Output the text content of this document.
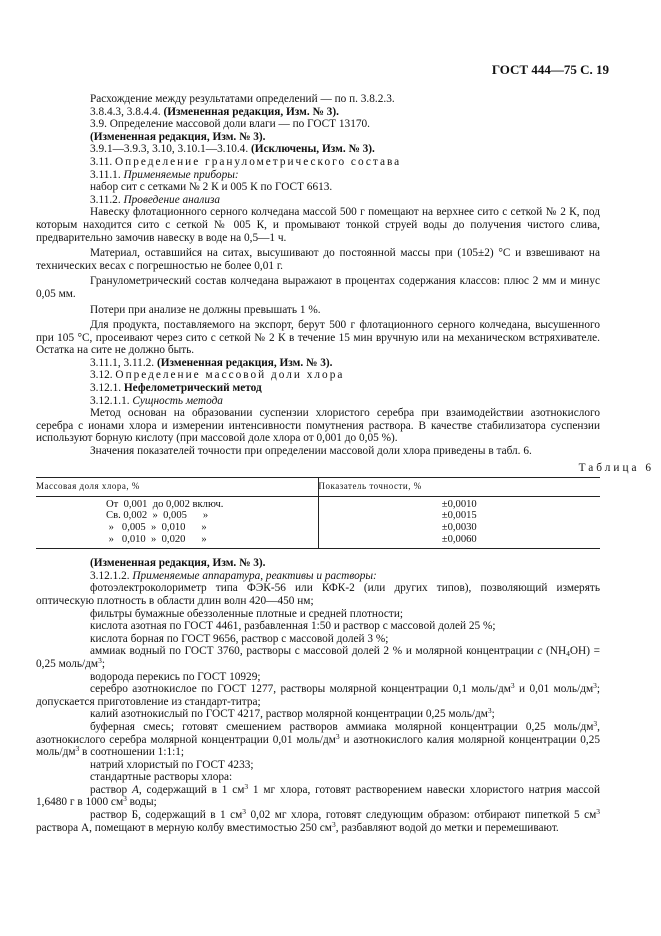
ГОСТ 444—75 С. 19
Расхождение между результатами определений — по п. 3.8.2.3.
3.8.4.3, 3.8.4.4. (Измененная редакция, Изм. № 3).
3.9. Определение массовой доли влаги — по ГОСТ 13170.
(Измененная редакция, Изм. № 3).
3.9.1—3.9.3, 3.10, 3.10.1—3.10.4. (Исключены, Изм. № 3).
3.11. Определение гранулометрического состава
3.11.1. Применяемые приборы:
набор сит с сетками № 2 К и 005 К по ГОСТ 6613.
3.11.2. Проведение анализа
Навеску флотационного серного колчедана массой 500 г помещают на верхнее сито с сеткой № 2 К, под которым находится сито с сеткой № 005 К, и промывают тонкой струей воды до получения чистого слива, предварительно замочив навеску в воде на 0,5—1 ч.
Материал, оставшийся на ситах, высушивают до постоянной массы при (105±2) °С и взвешивают на технических весах с погрешностью не более 0,01 г.
Гранулометрический состав колчедана выражают в процентах содержания классов: плюс 2 мм и минус 0,05 мм.
Потери при анализе не должны превышать 1 %.
Для продукта, поставляемого на экспорт, берут 500 г флотационного серного колчедана, высушенного при 105 °С, просеивают через сито с сеткой № 2 К в течение 15 мин вручную или на механическом встряхивателе. Остатка на сите не должно быть.
3.11.1, 3.11.2. (Измененная редакция, Изм. № 3).
3.12. Определение массовой доли хлора
3.12.1. Нефелометрический метод
3.12.1.1. Сущность метода
Метод основан на образовании суспензии хлористого серебра при взаимодействии азотнокислого серебра с ионами хлора и измерении интенсивности помутнения раствора. В качестве стабилизатора суспензии используют борную кислоту (при массовой доле хлора от 0,001 до 0,05 %).
Значения показателей точности при определении массовой доли хлора приведены в табл. 6.
Таблица 6
Массовая доля хлора, %	Показатель точности, %
От  0,001  до 0,002 включ.	±0,0010
Св. 0,002  »  0,005      »	±0,0015
»   0,005  »  0,010      »	±0,0030
»   0,010  »  0,020      »	±0,0060
(Измененная редакция, Изм. № 3).
3.12.1.2. Применяемые аппаратура, реактивы и растворы:
фотоэлектроколориметр типа ФЭК-56 или КФК-2 (или других типов), позволяющий измерять оптическую плотность в области длин волн 420—450 нм;
фильтры бумажные обеззоленные плотные и средней плотности;
кислота азотная по ГОСТ 4461, разбавленная 1:50 и раствор с массовой долей 25 %;
кислота борная по ГОСТ 9656, раствор с массовой долей 3 %;
аммиак водный по ГОСТ 3760, растворы с массовой долей 2 % и молярной концентрации c $(NH_4OH) = 0,25$ моль/$дм^3$;
водорода перекись по ГОСТ 10929;
серебро азотнокислое по ГОСТ 1277, растворы молярной концентрации 0,1 моль/$дм^3$ и 0,01 моль/$дм^3$; допускается приготовление из стандарт-титра;
калий азотнокислый по ГОСТ 4217, раствор молярной концентрации 0,25 моль/$дм^3$;
буферная смесь; готовят смешением растворов аммиака молярной концентрации 0,25 моль/$дм^3$, азотнокислого серебра молярной концентрации 0,01 моль/$дм^3$ и азотнокислого калия молярной концентрации 0,25 моль/$дм^3$ в соотношении 1:1:1;
натрий хлористый по ГОСТ 4233;
стандартные растворы хлора:
раствор А, содержащий в 1 $см^3$ 1 мг хлора, готовят растворением навески хлористого натрия массой 1,6480 г в 1000 $см^3$ воды;
раствор Б, содержащий в 1 $см^3$ 0,02 мг хлора, готовят следующим образом: отбирают пипеткой 5 $см^3$ раствора А, помещают в мерную колбу вместимостью 250 $см^3$, разбавляют водой до метки и перемешивают.
